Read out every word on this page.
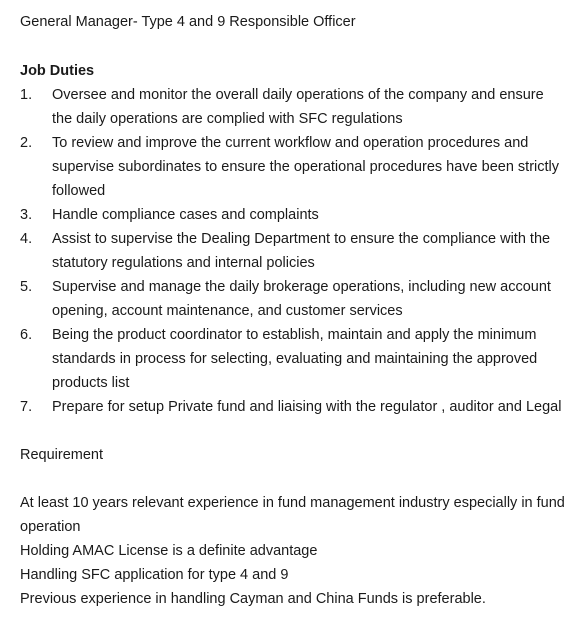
General Manager- Type 4 and 9 Responsible Officer
Job Duties
1.	Oversee and monitor the overall daily operations of the company and ensure
the daily operations are complied with SFC regulations
2.	To review and improve the current workflow and operation procedures and
supervise subordinates to ensure the operational procedures have been strictly
followed
3.	Handle compliance cases and complaints
4.	Assist to supervise the Dealing Department to ensure the compliance with the
statutory regulations and internal policies
5.	Supervise and manage the daily brokerage operations, including new account
opening, account maintenance, and customer services
6.	Being the product coordinator to establish, maintain and apply the minimum
standards in process for selecting, evaluating and maintaining the approved
products list
7.	Prepare for setup Private fund and liaising with the regulator , auditor and Legal
Requirement
At least 10 years relevant experience in fund management industry especially in fund
operation
Holding AMAC License is a definite advantage
Handling SFC application for type 4 and 9
Previous experience in handling Cayman and China Funds is preferable.
